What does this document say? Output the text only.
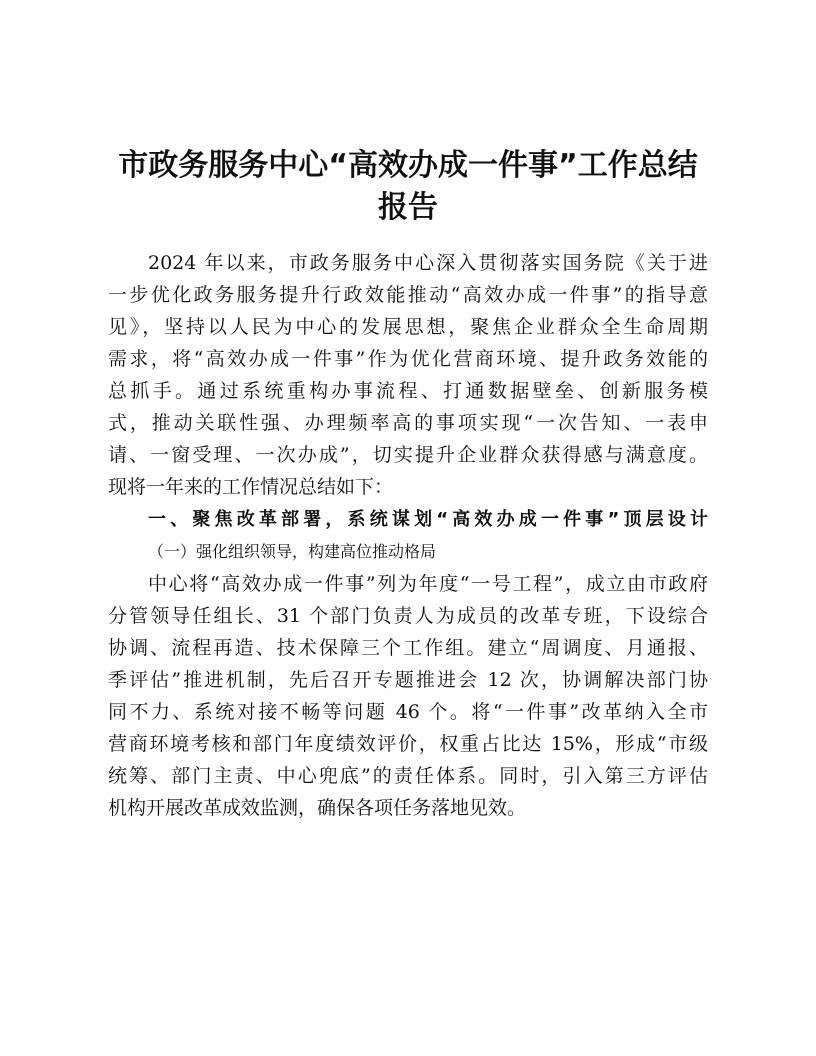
市政务服务中心“高效办成一件事”工作总结
报告
2024 年以来，市政务服务中心深入贯彻落实国务院《关于进
一步优化政务服务提升行政效能推动“高效办成一件事”的指导意
见》，坚持以人民为中心的发展思想，聚焦企业群众全生命周期
需求，将“高效办成一件事”作为优化营商环境、提升政务效能的
总抓手。通过系统重构办事流程、打通数据壁垒、创新服务模
式，推动关联性强、办理频率高的事项实现“一次告知、一表申
请、一窗受理、一次办成”，切实提升企业群众获得感与满意度。
现将一年来的工作情况总结如下：
一、聚焦改革部署，系统谋划“高效办成一件事”顶层设计
（一）强化组织领导，构建高位推动格局
中心将“高效办成一件事”列为年度“一号工程”，成立由市政府
分管领导任组长、31 个部门负责人为成员的改革专班，下设综合
协调、流程再造、技术保障三个工作组。建立“周调度、月通报、
季评估”推进机制，先后召开专题推进会 12 次，协调解决部门协
同不力、系统对接不畅等问题 46 个。将“一件事”改革纳入全市
营商环境考核和部门年度绩效评价，权重占比达 15%，形成“市级
统筹、部门主责、中心兜底”的责任体系。同时，引入第三方评估
机构开展改革成效监测，确保各项任务落地见效。
